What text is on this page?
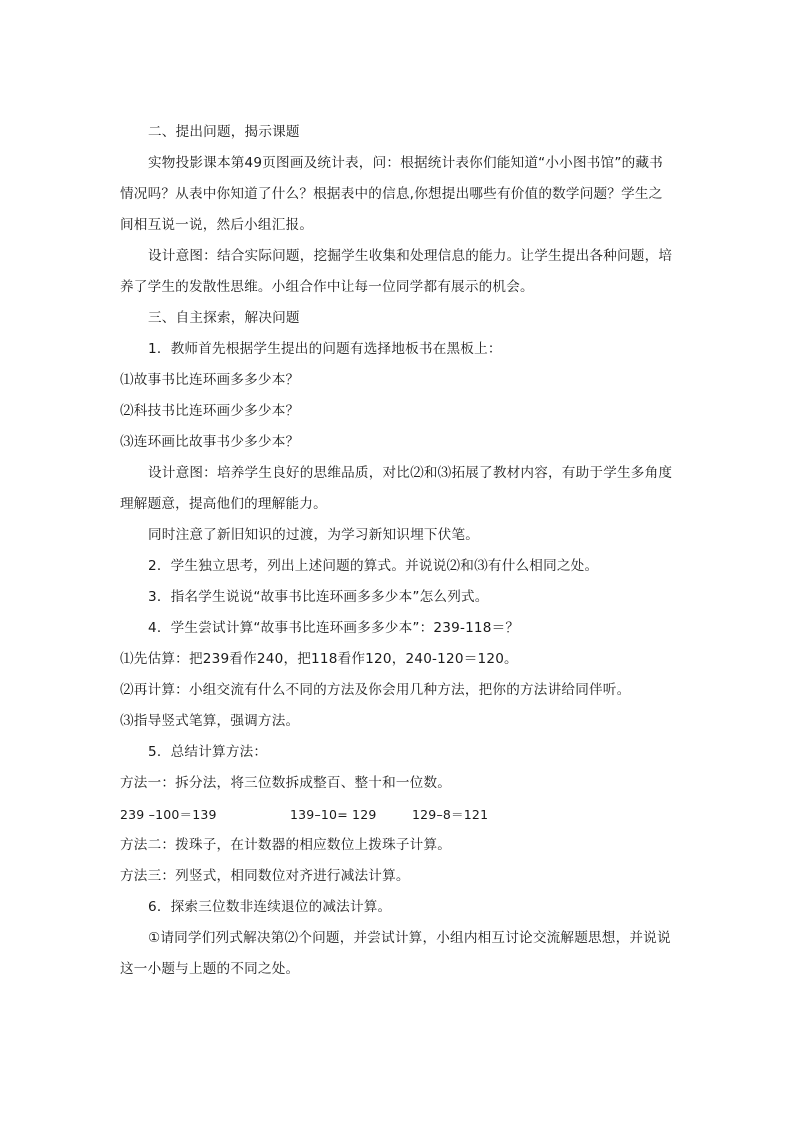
二、提出问题，揭示课题

实物投影课本第49页图画及统计表，问：根据统计表你们能知道“小小图书馆”的藏书情况吗？从表中你知道了什么？根据表中的信息,你想提出哪些有价值的数学问题？学生之间相互说一说，然后小组汇报。

设计意图：结合实际问题，挖掘学生收集和处理信息的能力。让学生提出各种问题，培养了学生的发散性思维。小组合作中让每一位同学都有展示的机会。

三、自主探索，解决问题

1．教师首先根据学生提出的问题有选择地板书在黑板上：

⑴故事书比连环画多多少本？

⑵科技书比连环画少多少本？

⑶连环画比故事书少多少本？

设计意图：培养学生良好的思维品质，对比⑵和⑶拓展了教材内容，有助于学生多角度理解题意，提高他们的理解能力。

同时注意了新旧知识的过渡，为学习新知识埋下伏笔。

2．学生独立思考，列出上述问题的算式。并说说⑵和⑶有什么相同之处。

3．指名学生说说“故事书比连环画多多少本”怎么列式。

4．学生尝试计算“故事书比连环画多多少本”：239-118＝？

⑴先估算：把239看作240，把118看作120，240-120＝120。

⑵再计算：小组交流有什么不同的方法及你会用几种方法，把你的方法讲给同伴听。

⑶指导竖式笔算，强调方法。

5．总结计算方法：

方法一：拆分法，将三位数拆成整百、整十和一位数。

239 –100＝139	139–10= 129	129–8＝121

方法二：拨珠子，在计数器的相应数位上拨珠子计算。

方法三：列竖式，相同数位对齐进行减法计算。

6．探索三位数非连续退位的减法计算。

①请同学们列式解决第⑵个问题，并尝试计算，小组内相互讨论交流解题思想，并说说这一小题与上题的不同之处。
